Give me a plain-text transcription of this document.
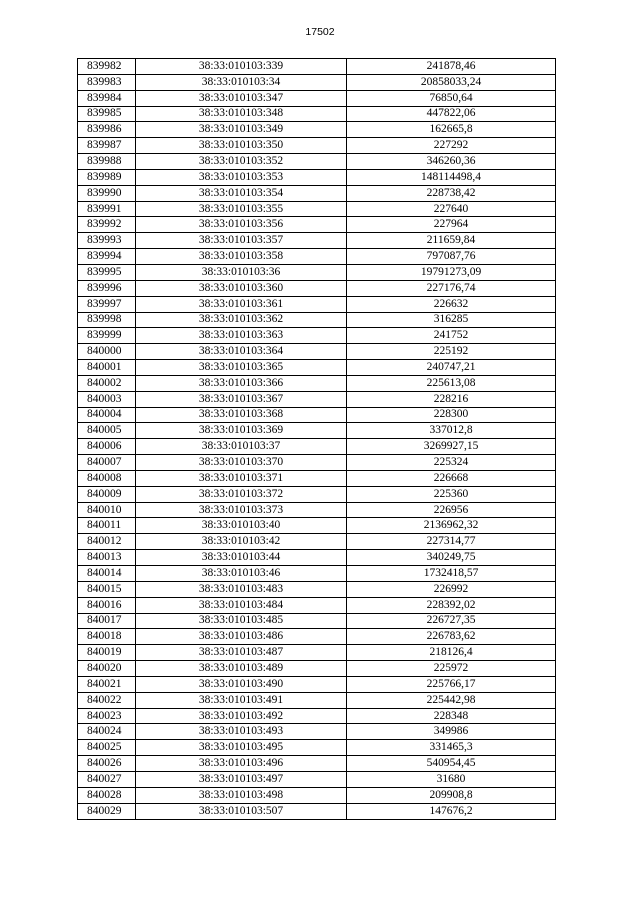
17502
839982	38:33:010103:339	241878,46
839983	38:33:010103:34	20858033,24
839984	38:33:010103:347	76850,64
839985	38:33:010103:348	447822,06
839986	38:33:010103:349	162665,8
839987	38:33:010103:350	227292
839988	38:33:010103:352	346260,36
839989	38:33:010103:353	148114498,4
839990	38:33:010103:354	228738,42
839991	38:33:010103:355	227640
839992	38:33:010103:356	227964
839993	38:33:010103:357	211659,84
839994	38:33:010103:358	797087,76
839995	38:33:010103:36	19791273,09
839996	38:33:010103:360	227176,74
839997	38:33:010103:361	226632
839998	38:33:010103:362	316285
839999	38:33:010103:363	241752
840000	38:33:010103:364	225192
840001	38:33:010103:365	240747,21
840002	38:33:010103:366	225613,08
840003	38:33:010103:367	228216
840004	38:33:010103:368	228300
840005	38:33:010103:369	337012,8
840006	38:33:010103:37	3269927,15
840007	38:33:010103:370	225324
840008	38:33:010103:371	226668
840009	38:33:010103:372	225360
840010	38:33:010103:373	226956
840011	38:33:010103:40	2136962,32
840012	38:33:010103:42	227314,77
840013	38:33:010103:44	340249,75
840014	38:33:010103:46	1732418,57
840015	38:33:010103:483	226992
840016	38:33:010103:484	228392,02
840017	38:33:010103:485	226727,35
840018	38:33:010103:486	226783,62
840019	38:33:010103:487	218126,4
840020	38:33:010103:489	225972
840021	38:33:010103:490	225766,17
840022	38:33:010103:491	225442,98
840023	38:33:010103:492	228348
840024	38:33:010103:493	349986
840025	38:33:010103:495	331465,3
840026	38:33:010103:496	540954,45
840027	38:33:010103:497	31680
840028	38:33:010103:498	209908,8
840029	38:33:010103:507	147676,2
